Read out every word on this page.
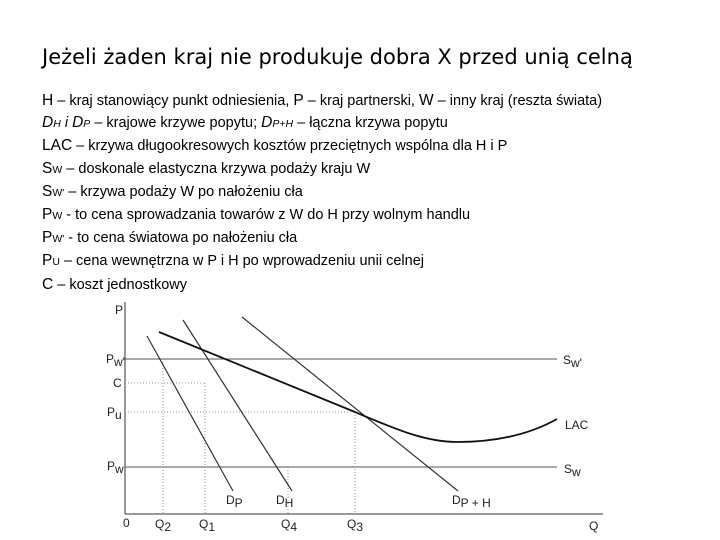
Jeżeli żaden kraj nie produkuje dobra X przed unią celną
H – kraj stanowiący punkt odniesienia, P – kraj partnerski, W – inny kraj (reszta świata)
DH i DP – krajowe krzywe popytu; DP+H – łączna krzywa popytu
LAC – krzywa długookresowych kosztów przeciętnych wspólna dla H i P
SW – doskonale elastyczna krzywa podaży kraju W
SW' – krzywa podaży W po nałożeniu cła
PW - to cena sprowadzania towarów z W do H przy wolnym handlu
PW' - to cena światowa po nałożeniu cła
PU – cena wewnętrzna w P i H po wprowadzeniu unii celnej
C – koszt jednostkowy
P
Q
0
Pw'
C
Pu
Pw
Q2 Q1	Q4	Q3
Sw'
LAC
Sw
DP	DH	DP + H
